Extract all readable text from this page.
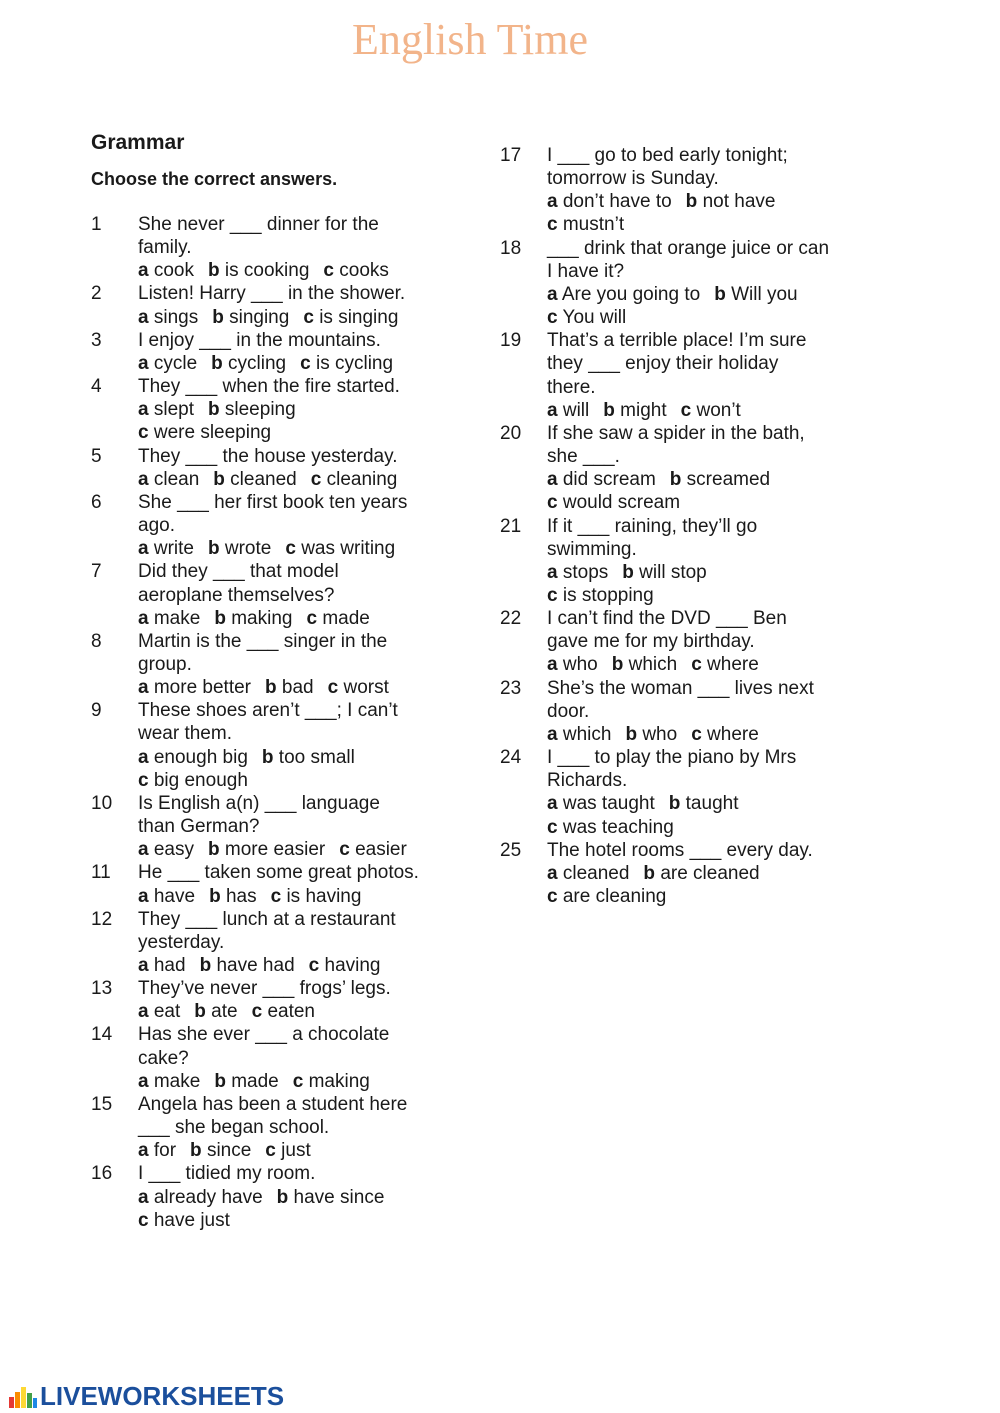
English Time
Grammar
Choose the correct answers.
1	She never ___ dinner for the
family.
a cook b is cooking c cooks
2	Listen! Harry ___ in the shower.
a sings b singing c is singing
3	I enjoy ___ in the mountains.
a cycle b cycling c is cycling
4	They ___ when the fire started.
a slept b sleeping
c were sleeping
5	They ___ the house yesterday.
a clean b cleaned c cleaning
6	She ___ her first book ten years
ago.
a write b wrote c was writing
7	Did they ___ that model
aeroplane themselves?
a make b making c made
8	Martin is the ___ singer in the
group.
a more better b bad c worst
9	These shoes aren’t ___; I can’t
wear them.
a enough big b too small
c big enough
10	Is English a(n) ___ language
than German?
a easy b more easier c easier
11	He ___ taken some great photos.
a have b has c is having
12	They ___ lunch at a restaurant
yesterday.
a had b have had c having
13	They’ve never ___ frogs’ legs.
a eat b ate c eaten
14	Has she ever ___ a chocolate
cake?
a make b made c making
15	Angela has been a student here
___ she began school.
a for b since c just
16	I ___ tidied my room.
a already have b have since
c have just
17	I ___ go to bed early tonight;
tomorrow is Sunday.
a don’t have to b not have
c mustn’t
18	___ drink that orange juice or can
I have it?
a Are you going to b Will you
c You will
19	That’s a terrible place! I’m sure
they ___ enjoy their holiday
there.
a will b might c won’t
20	If she saw a spider in the bath,
she ___.
a did scream b screamed
c would scream
21	If it ___ raining, they’ll go
swimming.
a stops b will stop
c is stopping
22	I can’t find the DVD ___ Ben
gave me for my birthday.
a who b which c where
23	She’s the woman ___ lives next
door.
a which b who c where
24	I ___ to play the piano by Mrs
Richards.
a was taught b taught
c was teaching
25	The hotel rooms ___ every day.
a cleaned b are cleaned
c are cleaning
LIVEWORKSHEETS
